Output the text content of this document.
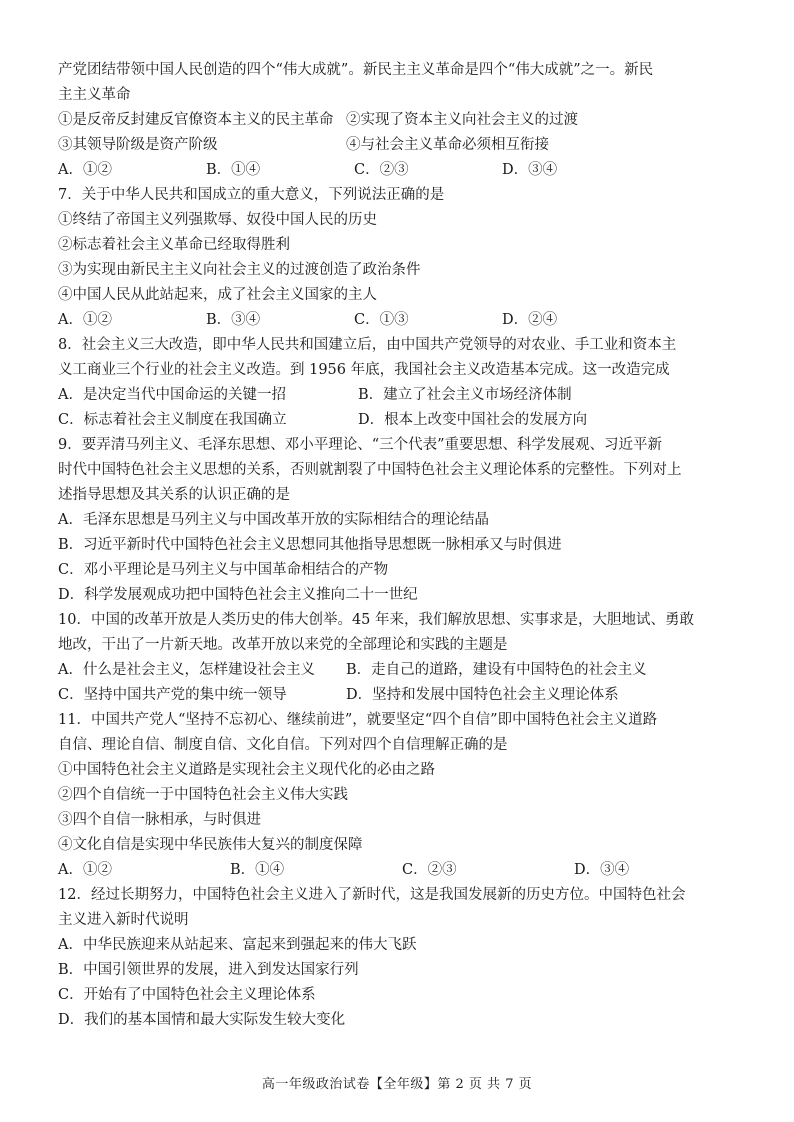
产党团结带领中国人民创造的四个“伟大成就”。新民主主义革命是四个“伟大成就”之一。新民
主主义革命
①是反帝反封建反官僚资本主义的民主革命 ②实现了资本主义向社会主义的过渡
③其领导阶级是资产阶级	④与社会主义革命必须相互衔接
A．①②	B．①④	C．②③	D．③④
7．关于中华人民共和国成立的重大意义，下列说法正确的是
①终结了帝国主义列强欺辱、奴役中国人民的历史
②标志着社会主义革命已经取得胜利
③为实现由新民主主义向社会主义的过渡创造了政治条件
④中国人民从此站起来，成了社会主义国家的主人
A．①②	B．③④	C．①③	D．②④
8．社会主义三大改造，即中华人民共和国建立后，由中国共产党领导的对农业、手工业和资本主
义工商业三个行业的社会主义改造。到 1956 年底，我国社会主义改造基本完成。这一改造完成
A．是决定当代中国命运的关键一招	B．建立了社会主义市场经济体制
C．标志着社会主义制度在我国确立	D．根本上改变中国社会的发展方向
9．要弄清马列主义、毛泽东思想、邓小平理论、“三个代表”重要思想、科学发展观、习近平新
时代中国特色社会主义思想的关系，否则就割裂了中国特色社会主义理论体系的完整性。下列对上
述指导思想及其关系的认识正确的是
A．毛泽东思想是马列主义与中国改革开放的实际相结合的理论结晶
B．习近平新时代中国特色社会主义思想同其他指导思想既一脉相承又与时俱进
C．邓小平理论是马列主义与中国革命相结合的产物
D．科学发展观成功把中国特色社会主义推向二十一世纪
10．中国的改革开放是人类历史的伟大创举。45 年来，我们解放思想、实事求是，大胆地试、勇敢
地改，干出了一片新天地。改革开放以来党的全部理论和实践的主题是
A．什么是社会主义，怎样建设社会主义	B．走自己的道路，建设有中国特色的社会主义
C．坚持中国共产党的集中统一领导	D．坚持和发展中国特色社会主义理论体系
11．中国共产党人“坚持不忘初心、继续前进”，就要坚定“四个自信”即中国特色社会主义道路
自信、理论自信、制度自信、文化自信。下列对四个自信理解正确的是
①中国特色社会主义道路是实现社会主义现代化的必由之路
②四个自信统一于中国特色社会主义伟大实践
③四个自信一脉相承，与时俱进
④文化自信是实现中华民族伟大复兴的制度保障
A．①②	B．①④	C．②③	D．③④
12．经过长期努力，中国特色社会主义进入了新时代，这是我国发展新的历史方位。中国特色社会
主义进入新时代说明
A．中华民族迎来从站起来、富起来到强起来的伟大飞跃
B．中国引领世界的发展，进入到发达国家行列
C．开始有了中国特色社会主义理论体系
D．我们的基本国情和最大实际发生较大变化
高一年级政治试卷【全年级】第 2 页 共 7 页
